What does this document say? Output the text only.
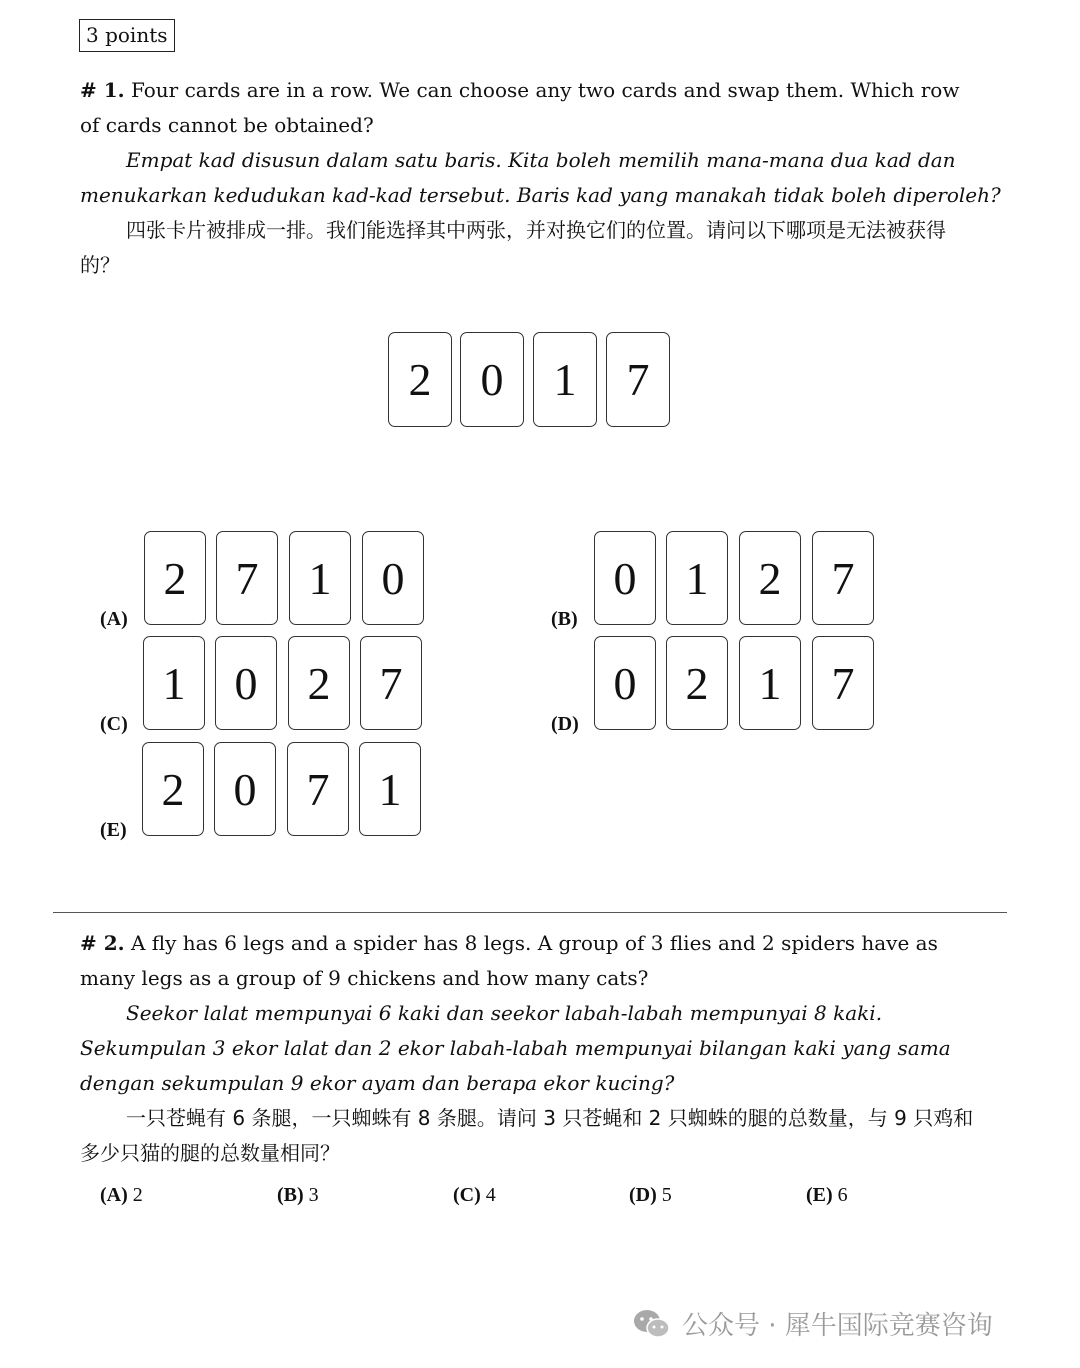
3 points

# 1. Four cards are in a row. We can choose any two cards and swap them. Which row of cards cannot be obtained?

Empat kad disusun dalam satu baris. Kita boleh memilih mana-mana dua kad dan menukarkan kedudukan kad-kad tersebut. Baris kad yang manakah tidak boleh diperoleh?

四张卡片被排成一排。我们能选择其中两张，并对换它们的位置。请问以下哪项是无法被获得的？

2	0	1	7
(A)
2	7	1	0
(B)
0	1	2	7
(C)
1	0	2	7
(D)
0	2	1	7
(E)
2	0	7	1

# 2. A fly has 6 legs and a spider has 8 legs. A group of 3 flies and 2 spiders have as many legs as a group of 9 chickens and how many cats?

Seekor lalat mempunyai 6 kaki dan seekor labah-labah mempunyai 8 kaki. Sekumpulan 3 ekor lalat dan 2 ekor labah-labah mempunyai bilangan kaki yang sama dengan sekumpulan 9 ekor ayam dan berapa ekor kucing?

一只苍蝇有 6 条腿，一只蜘蛛有 8 条腿。请问 3 只苍蝇和 2 只蜘蛛的腿的总数量，与 9 只鸡和多少只猫的腿的总数量相同？

(A) 2	(B) 3	(C) 4	(D) 5	(E) 6
公众号 · 犀牛国际竞赛咨询
